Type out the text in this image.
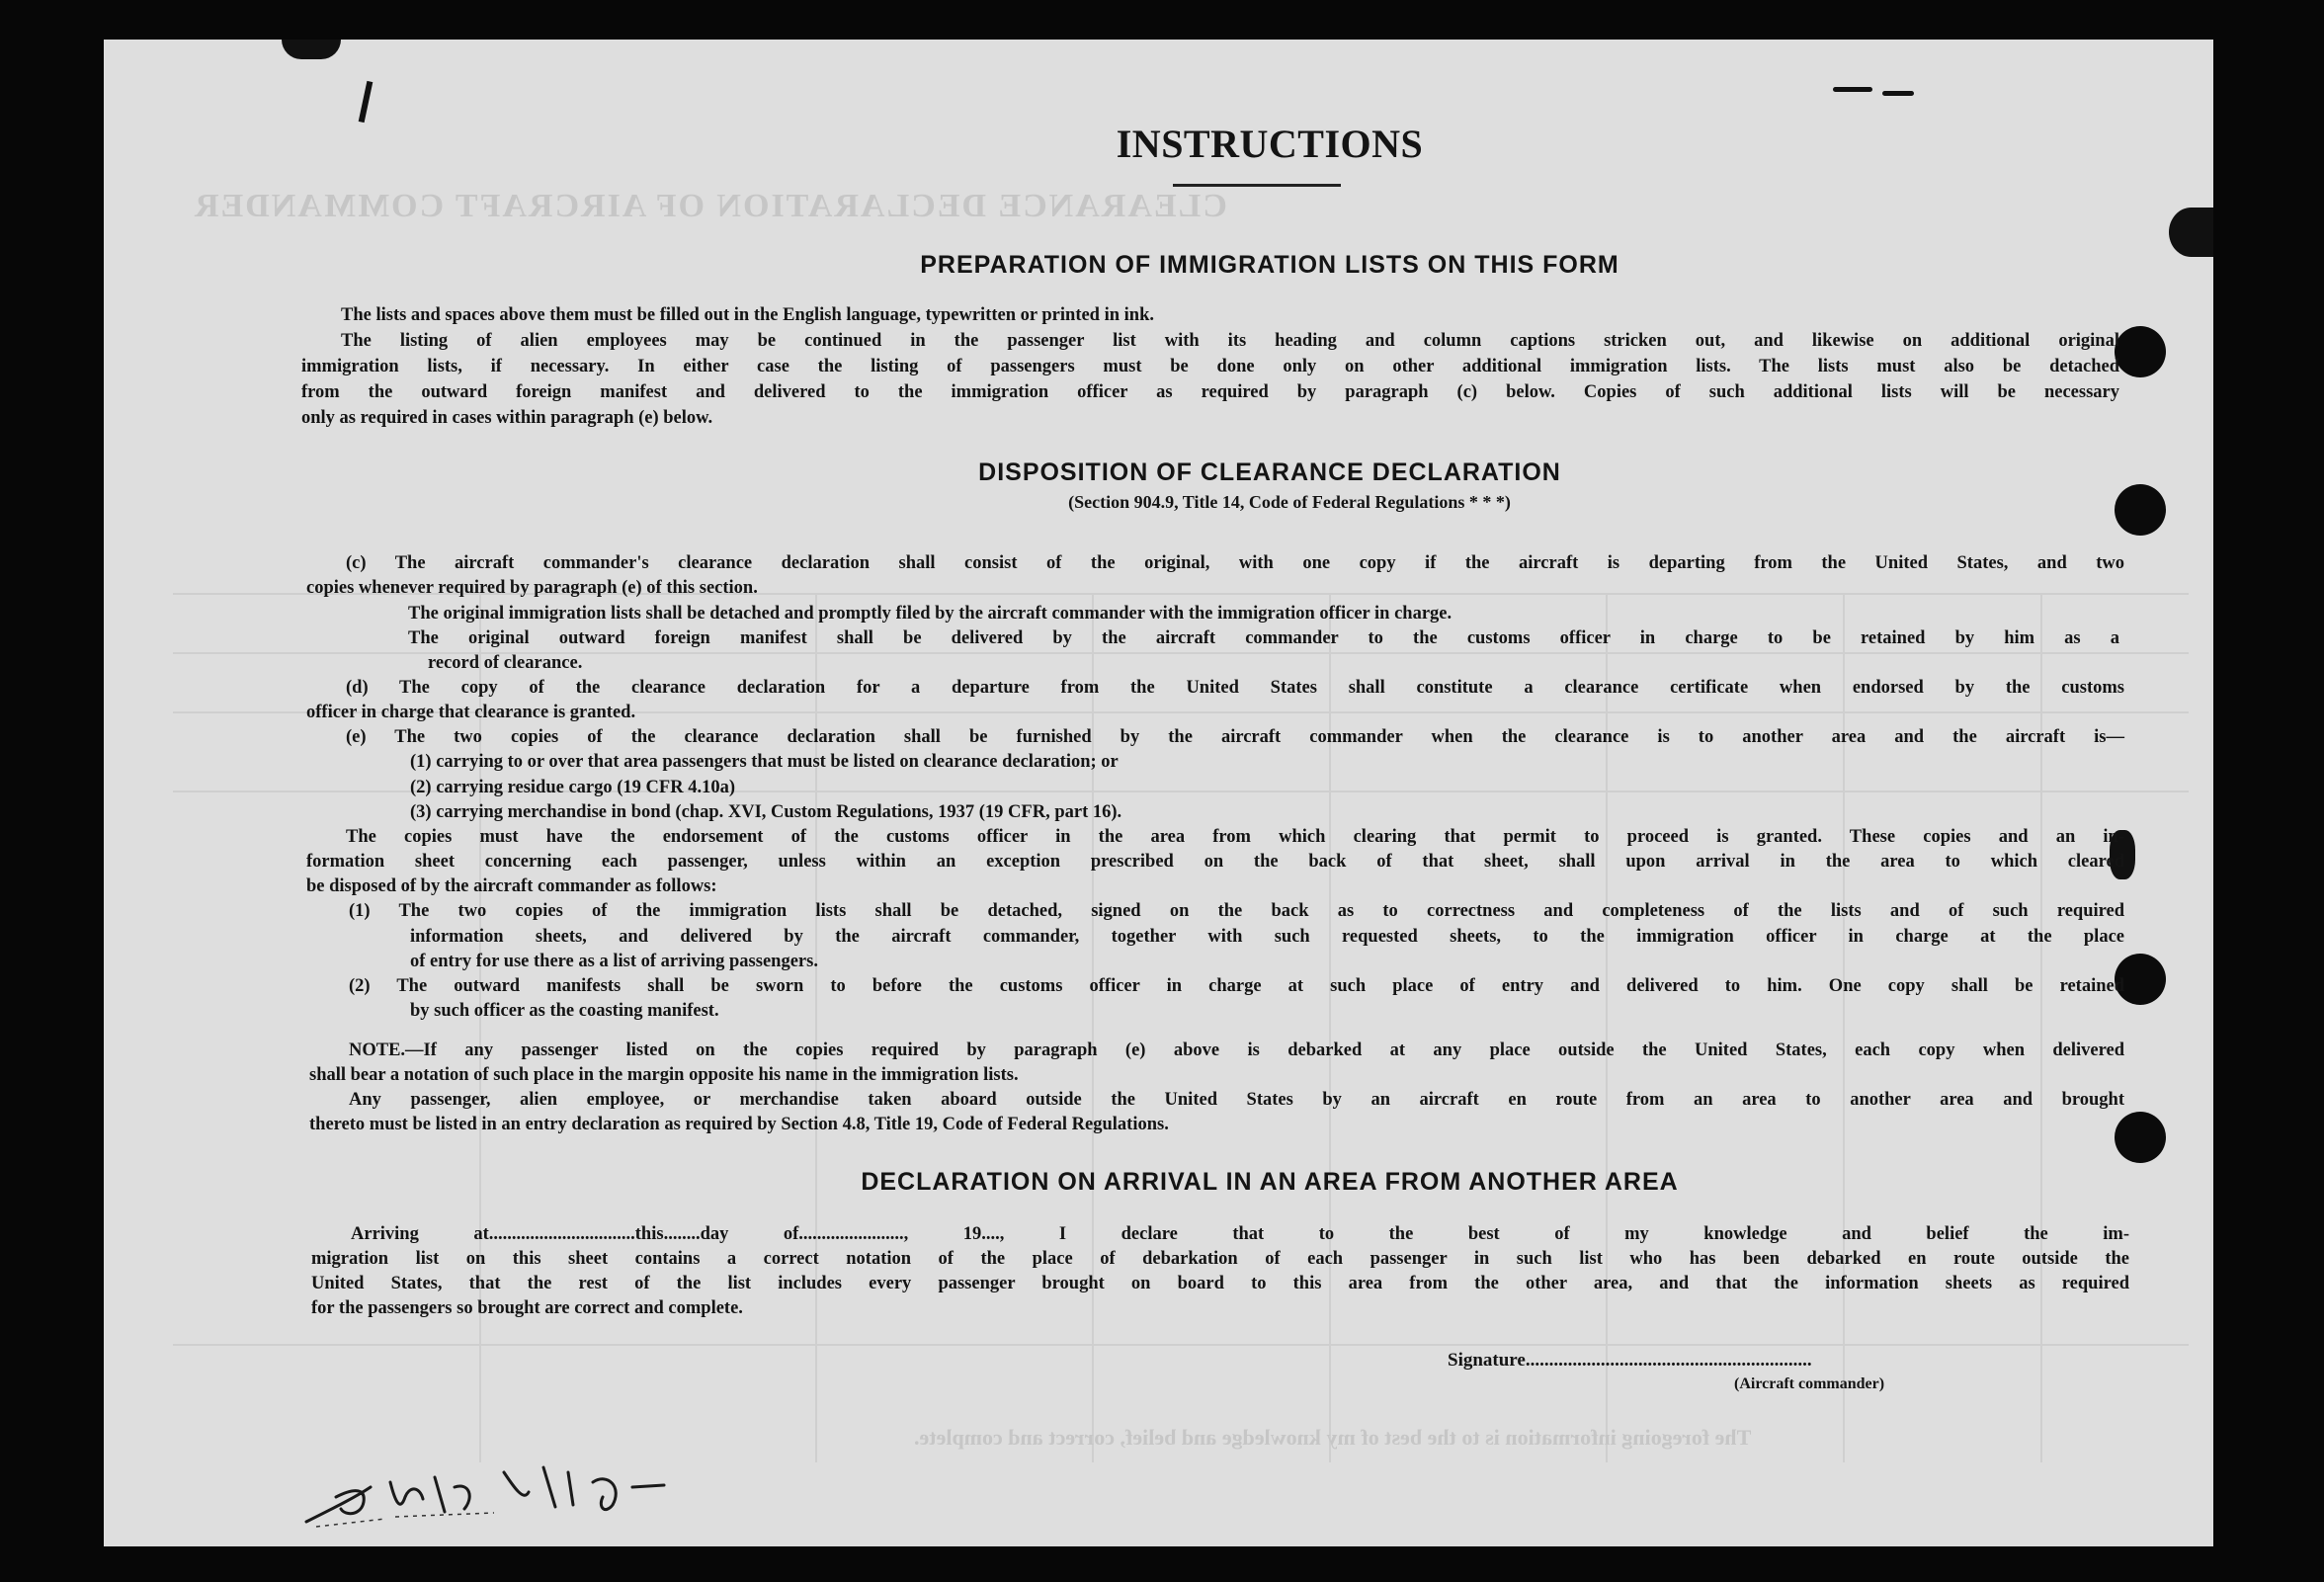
CLEARANCE DECLARATION OF AIRCRAFT COMMANDER
The foregoing information is to the best of my knowledge and belief, correct and complete.
INSTRUCTIONS
PREPARATION OF IMMIGRATION LISTS ON THIS FORM
The lists and spaces above them must be filled out in the English language, typewritten or printed in ink.
The listing of alien employees may be continued in the passenger list with its heading and column captions stricken out, and likewise on additional original
immigration lists, if necessary. In either case the listing of passengers must be done only on other additional immigration lists. The lists must also be detached
from the outward foreign manifest and delivered to the immigration officer as required by paragraph (c) below. Copies of such additional lists will be necessary
only as required in cases within paragraph (e) below.
DISPOSITION OF CLEARANCE DECLARATION
(Section 904.9, Title 14, Code of Federal Regulations * * *)
(c) The aircraft commander's clearance declaration shall consist of the original, with one copy if the aircraft is departing from the United States, and two
copies whenever required by paragraph (e) of this section.
The original immigration lists shall be detached and promptly filed by the aircraft commander with the immigration officer in charge.
The original outward foreign manifest shall be delivered by the aircraft commander to the customs officer in charge to be retained by him as a
record of clearance.
(d) The copy of the clearance declaration for a departure from the United States shall constitute a clearance certificate when endorsed by the customs
officer in charge that clearance is granted.
(e) The two copies of the clearance declaration shall be furnished by the aircraft commander when the clearance is to another area and the aircraft is—
(1) carrying to or over that area passengers that must be listed on clearance declaration; or
(2) carrying residue cargo (19 CFR 4.10a)
(3) carrying merchandise in bond (chap. XVI, Custom Regulations, 1937 (19 CFR, part 16).
The copies must have the endorsement of the customs officer in the area from which clearing that permit to proceed is granted. These copies and an in-
formation sheet concerning each passenger, unless within an exception prescribed on the back of that sheet, shall upon arrival in the area to which cleared
be disposed of by the aircraft commander as follows:
(1) The two copies of the immigration lists shall be detached, signed on the back as to correctness and completeness of the lists and of such required
information sheets, and delivered by the aircraft commander, together with such requested sheets, to the immigration officer in charge at the place
of entry for use there as a list of arriving passengers.
(2) The outward manifests shall be sworn to before the customs officer in charge at such place of entry and delivered to him. One copy shall be retained
by such officer as the coasting manifest.
NOTE.—If any passenger listed on the copies required by paragraph (e) above is debarked at any place outside the United States, each copy when delivered
shall bear a notation of such place in the margin opposite his name in the immigration lists.
Any passenger, alien employee, or merchandise taken aboard outside the United States by an aircraft en route from an area to another area and brought
thereto must be listed in an entry declaration as required by Section 4.8, Title 19, Code of Federal Regulations.
DECLARATION ON ARRIVAL IN AN AREA FROM ANOTHER AREA
Arriving at................................this........day of......................., 19...., I declare that to the best of my knowledge and belief the im-
migration list on this sheet contains a correct notation of the place of debarkation of each passenger in such list who has been debarked en route outside the
United States, that the rest of the list includes every passenger brought on board to this area from the other area, and that the information sheets as required
for the passengers so brought are correct and complete.
Signature.............................................................
(Aircraft commander)
